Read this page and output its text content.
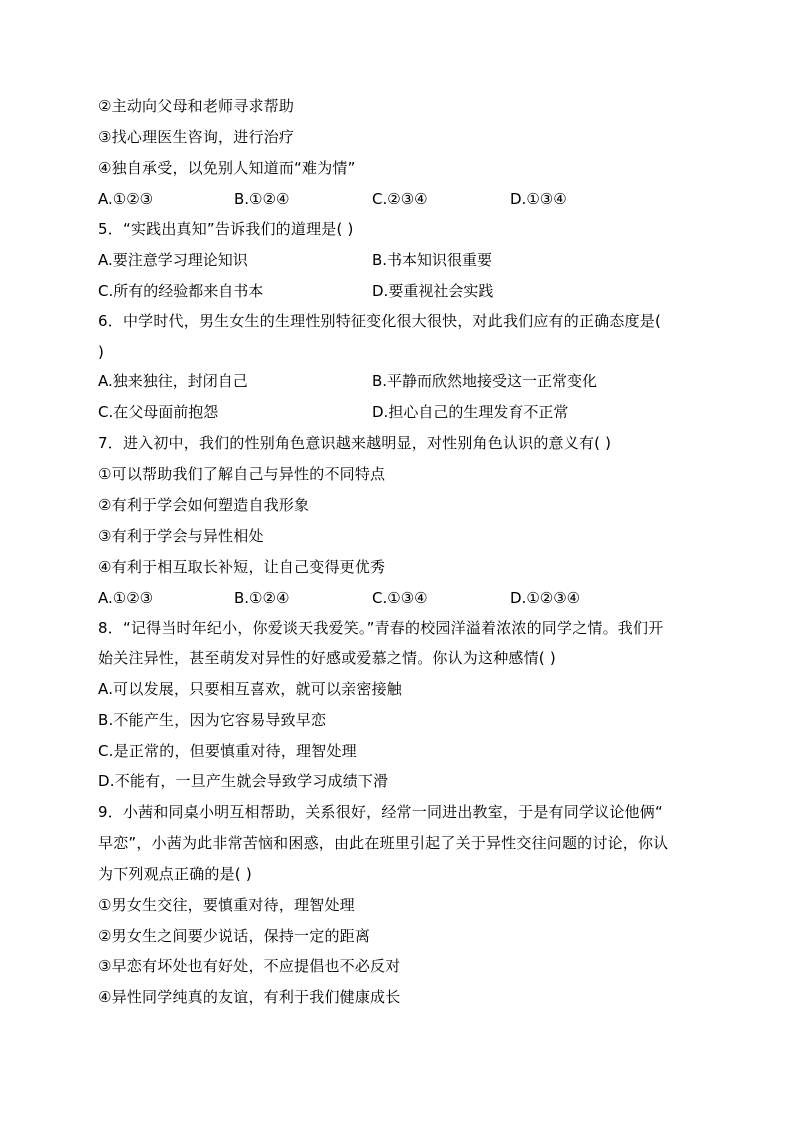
②主动向父母和老师寻求帮助
③找心理医生咨询，进行治疗
④独自承受，以免别人知道而“难为情”
A.①②③	B.①②④	C.②③④	D.①③④
5．“实践出真知”告诉我们的道理是( )
A.要注意学习理论知识	B.书本知识很重要
C.所有的经验都来自书本	D.要重视社会实践
6．中学时代，男生女生的生理性别特征变化很大很快，对此我们应有的正确态度是(
)
A.独来独往，封闭自己	B.平静而欣然地接受这一正常变化
C.在父母面前抱怨	D.担心自己的生理发育不正常
7．进入初中，我们的性别角色意识越来越明显，对性别角色认识的意义有( )
①可以帮助我们了解自己与异性的不同特点
②有利于学会如何塑造自我形象
③有利于学会与异性相处
④有利于相互取长补短，让自己变得更优秀
A.①②③	B.①②④	C.①③④	D.①②③④
8．“记得当时年纪小，你爱谈天我爱笑。”青春的校园洋溢着浓浓的同学之情。我们开
始关注异性，甚至萌发对异性的好感或爱慕之情。你认为这种感情( )
A.可以发展，只要相互喜欢，就可以亲密接触
B.不能产生，因为它容易导致早恋
C.是正常的，但要慎重对待，理智处理
D.不能有，一旦产生就会导致学习成绩下滑
9．小茜和同桌小明互相帮助，关系很好，经常一同进出教室，于是有同学议论他俩“
早恋”，小茜为此非常苦恼和困惑，由此在班里引起了关于异性交往问题的讨论，你认
为下列观点正确的是( )
①男女生交往，要慎重对待，理智处理
②男女生之间要少说话，保持一定的距离
③早恋有坏处也有好处，不应提倡也不必反对
④异性同学纯真的友谊，有利于我们健康成长
